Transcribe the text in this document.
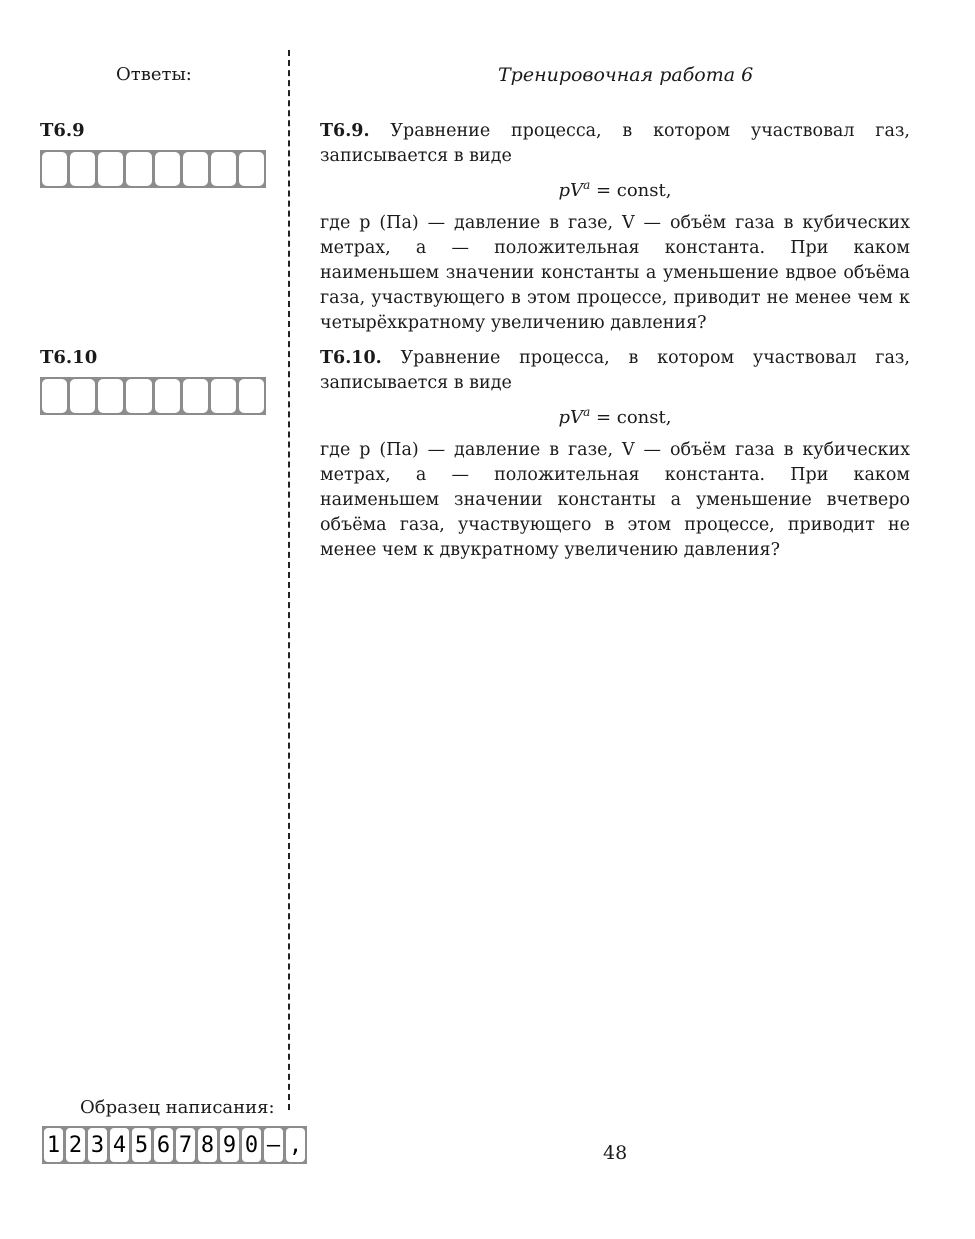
Ответы:	Тренировочная работа 6
Т6.9
Т6.10

Т6.9. Уравнение процесса, в котором участвовал газ, записывается в виде

$pV^a$ = const,

где p (Па) — давление в газе, V — объём газа в кубических метрах, a — положительная константа. При каком наименьшем значении константы a уменьшение вдвое объёма газа, участвующего в этом процессе, приводит не менее чем к четырёхкратному увеличению давления?

Т6.10. Уравнение процесса, в котором участвовал газ, записывается в виде

$pV^a$ = const,

где p (Па) — давление в газе, V — объём газа в кубических метрах, a — положительная константа. При каком наименьшем значении константы a уменьшение вчетверо объёма газа, участвующего в этом процессе, приводит не менее чем к двукратному увеличению давления?

Образец написания:
1 2 3 4 5 6 7 8 9 0 – ,	48
